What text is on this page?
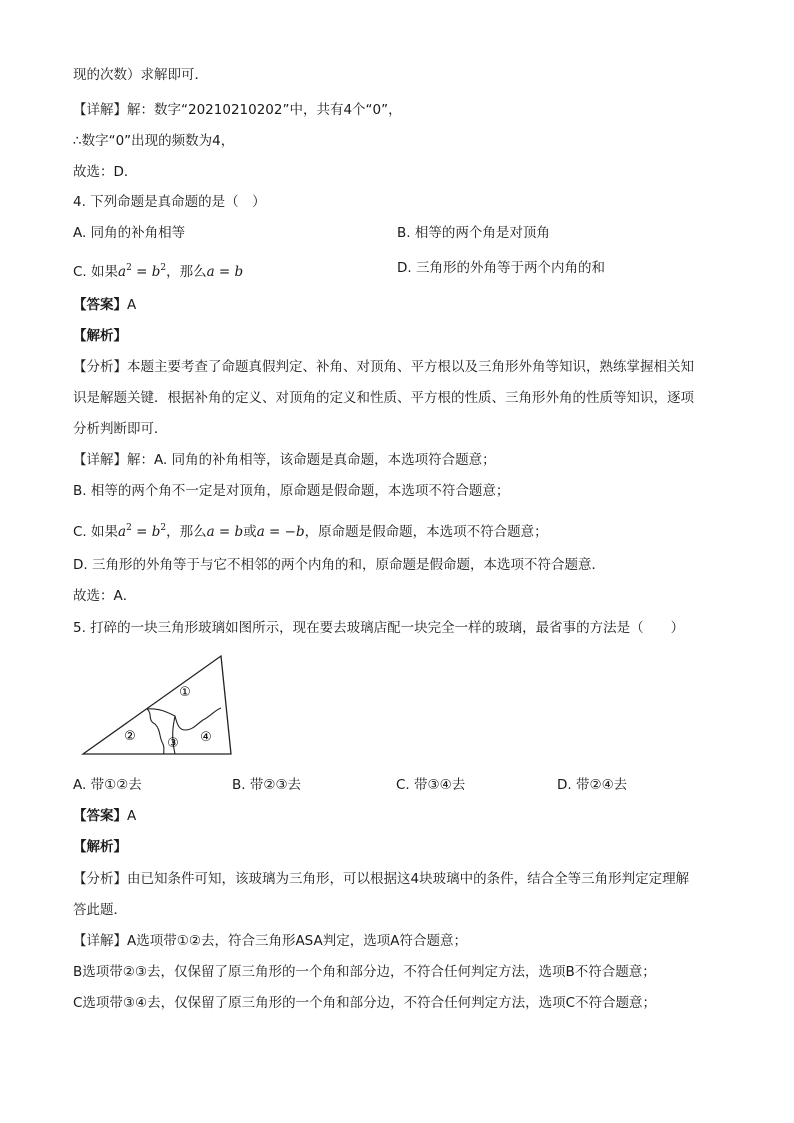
现的次数）求解即可．
【详解】解：数字“20210210202”中，共有4个“0”，
∴数字“0”出现的频数为4，
故选：D．
4. 下列命题是真命题的是（　）
A. 同角的补角相等	B. 相等的两个角是对顶角
C. 如果$a^2 = b^2$，那么a = b	D. 三角形的外角等于两个内角的和
【答案】A
【解析】
【分析】本题主要考查了命题真假判定、补角、对顶角、平方根以及三角形外角等知识，熟练掌握相关知
识是解题关键．根据补角的定义、对顶角的定义和性质、平方根的性质、三角形外角的性质等知识，逐项
分析判断即可．
【详解】解：A. 同角的补角相等，该命题是真命题，本选项符合题意；
B. 相等的两个角不一定是对顶角，原命题是假命题，本选项不符合题意；
C. 如果$a^2 = b^2$，那么a = b或a = −b，原命题是假命题，本选项不符合题意；
D. 三角形的外角等于与它不相邻的两个内角的和，原命题是假命题，本选项不符合题意．
故选：A．
5. 打碎的一块三角形玻璃如图所示，现在要去玻璃店配一块完全一样的玻璃，最省事的方法是（　　）
①
② ③ ④
A. 带①②去	B. 带②③去	C. 带③④去	D. 带②④去
【答案】A
【解析】
【分析】由已知条件可知，该玻璃为三角形，可以根据这4块玻璃中的条件，结合全等三角形判定定理解
答此题．
【详解】A选项带①②去，符合三角形ASA判定，选项A符合题意；
B选项带②③去，仅保留了原三角形的一个角和部分边，不符合任何判定方法，选项B不符合题意；
C选项带③④去，仅保留了原三角形的一个角和部分边，不符合任何判定方法，选项C不符合题意；
